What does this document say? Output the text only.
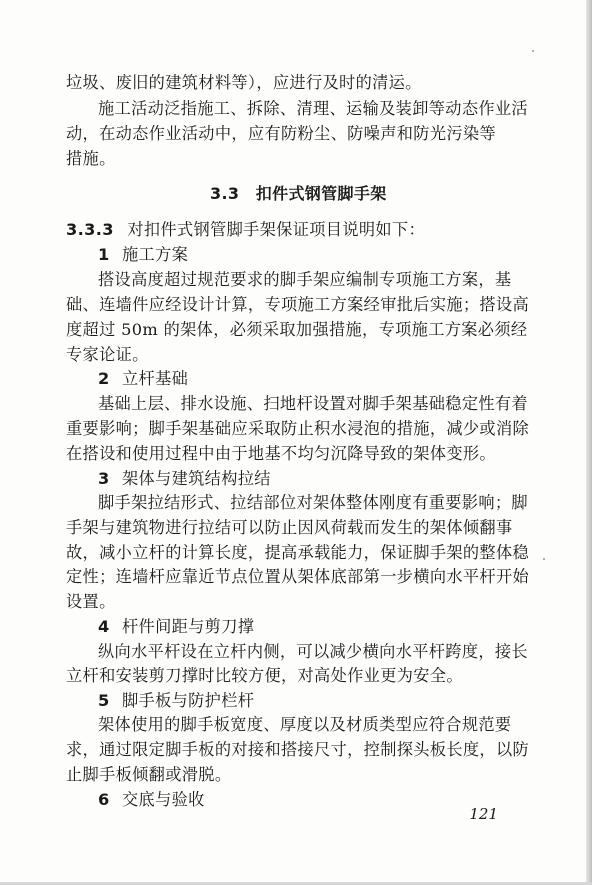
垃圾、废旧的建筑材料等），应进行及时的清运。
施工活动泛指施工、拆除、清理、运输及装卸等动态作业活
动，在动态作业活动中，应有防粉尘、防噪声和防光污染等
措施。
3.3　扣件式钢管脚手架
3.3.3 对扣件式钢管脚手架保证项目说明如下：
1 施工方案
搭设高度超过规范要求的脚手架应编制专项施工方案，基
础、连墙件应经设计计算，专项施工方案经审批后实施；搭设高
度超过 50m 的架体，必须采取加强措施，专项施工方案必须经
专家论证。
2 立杆基础
基础上层、排水设施、扫地杆设置对脚手架基础稳定性有着
重要影响；脚手架基础应采取防止积水浸泡的措施，减少或消除
在搭设和使用过程中由于地基不均匀沉降导致的架体变形。
3 架体与建筑结构拉结
脚手架拉结形式、拉结部位对架体整体刚度有重要影响；脚
手架与建筑物进行拉结可以防止因风荷载而发生的架体倾翻事
故，减小立杆的计算长度，提高承载能力，保证脚手架的整体稳
定性；连墙杆应靠近节点位置从架体底部第一步横向水平杆开始
设置。
4 杆件间距与剪刀撑
纵向水平杆设在立杆内侧，可以减少横向水平杆跨度，接长
立杆和安装剪刀撑时比较方便，对高处作业更为安全。
5 脚手板与防护栏杆
架体使用的脚手板宽度、厚度以及材质类型应符合规范要
求，通过限定脚手板的对接和搭接尺寸，控制探头板长度，以防
止脚手板倾翻或滑脱。
6 交底与验收
121
